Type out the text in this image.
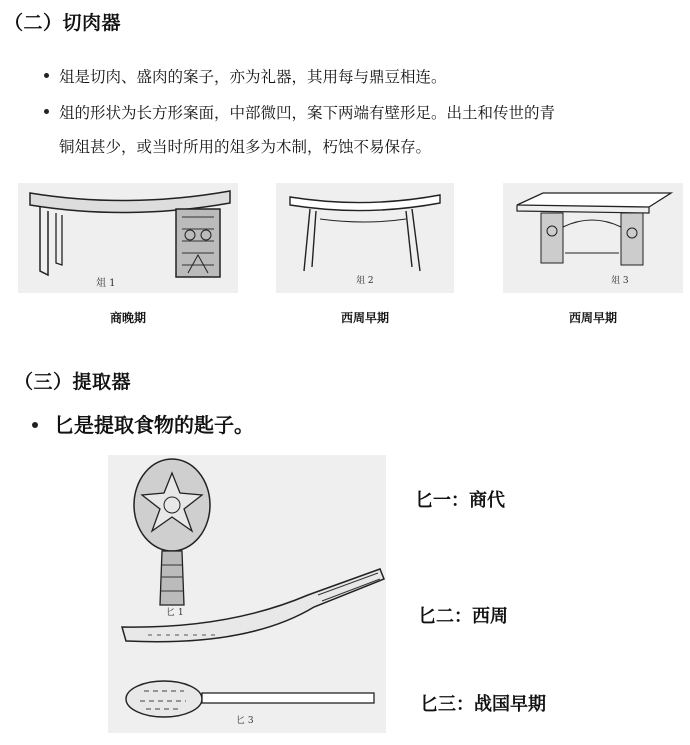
（二）切肉器
俎是切肉、盛肉的案子，亦为礼器，其用每与鼎豆相连。
俎的形状为长方形案面，中部微凹，案下两端有壁形足。出土和传世的青
铜俎甚少，或当时所用的俎多为木制，朽蚀不易保存。
俎 1
商晚期
俎 2
西周早期
俎 3
西周早期
（三）提取器
匕是提取食物的匙子。
匕 1
匕 3
匕一：商代
匕二：西周
匕三：战国早期
